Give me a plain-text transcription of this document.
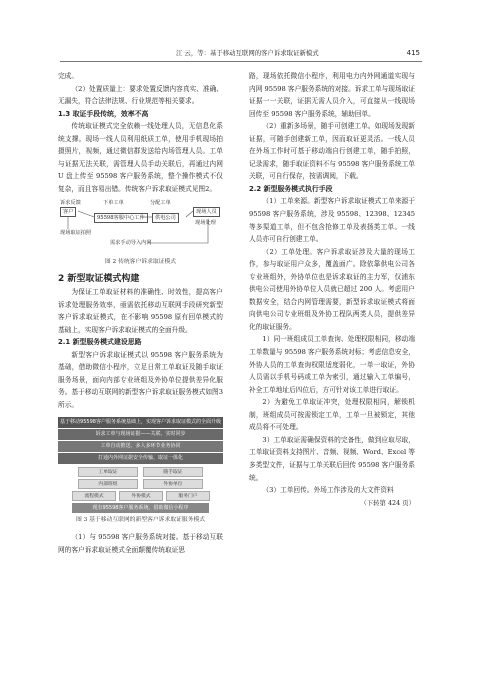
江 云，等：基于移动互联网的客户诉求取证新模式	415

完成。

（2）处置质量上：要求处置反馈内容真实、准确、无漏失，符合法律法规、行业规范等相关要求。

1.3 取证手段传统，效率不高

传统取证模式完全依赖一线处理人员，无信息化系统支撑。现场一线人员利用纸质工单，使用手机现场拍摄照片，视频，通过微信群发送给内场管理人员。工单与证据无法关联，需管理人员手动关联后，再通过内网 U 盘上传至 95598 客户服务系统，整个操作模式不仅复杂，而且容易出错。传统客户诉求取证模式见图2。

客户
诉求反馈	下单工单	分配工单
95598客服中心工作	供电公司
现场人员
现场处理
现场取证拍照
需求手动导入内网

图 2 传统客户诉求取证模式

2 新型取证模式构建

为保证工单取证材料的准确性、时效性，提高客户诉求处理服务效率，亟需依托移动互联网手段研究新型客户诉求取证模式，在不影响 95598 原有回单模式的基础上，实现客户诉求取证模式的全面升级。

2.1 新型服务模式建设思路

新型客户诉求取证模式以 95598 客户服务系统为基础，借助微信小程序，立足日常工单取证及随手取证服务场景，面向内部专业班组及外协单位提供差异化服务。基于移动互联网的新型客户诉求取证服务模式如图3所示。

基于移动95598客户服务系统基础上，实现客户诉求取证模式的全面升级
诉求工单与现场证据——关联、实时同步
工单自动推送、多人多环节业务协同
打通内外网证据安全传输、取证一体化
工单取证	随手取证
内部班组	外协单位
流程模式	外协模式	服务门户
现有95598客户服务系统，借助微信小程序

图 3 基于移动互联网的新型客户诉求取证服务模式

（1）与 95598 客户服务系统对接。基于移动互联网的客户诉求取证模式全面颠覆传统取证思

路，现场依托微信小程序，利用电力内外网通道实现与内网 95598 客户服务系统的对接。诉求工单与现场取证证据一一关联，证据无需人员介入，可直接从一线现场回传至 95598 客户服务系统，辅助回单。

（2）重新多场景，随手可创建工单。如现场发现新证据，可随手创建新工单，因而取证更灵活。一线人员在外场工作时可基于移动端自行创建工单，随手拍照，记录需求，随手取证资料不与 95598 客户服务系统工单关联，可自行保存，按需调阅，下载。

2.2 新型服务模式执行手段

（1）工单来源。新型客户诉求取证模式工单来源于 95598 客户服务系统，涉及 95598、12398、12345 等多渠道工单，但不包含抢修工单及表扬类工单。一线人员亦可自行创建工单。

（2）工单处理。客户诉求取证涉及大量的现场工作，参与取证用户众多，覆盖面广。除依靠供电公司各专业班组外，外协单位也是诉求取证的主力军，仅浦东供电公司使用外协单位人员就已超过 200 人。考虑用户数据安全，结合内网管理需要，新型诉求取证模式将面向供电公司专业班组及外协工程队两类人员，提供差异化的取证服务。

1）同一班组成员工单查询、处理权限相同，移动端工单数量与 95598 客户服务系统对标；考虑信息安全，外协人员的工单查询权限适度弱化，一单一取证，外协人员需以手机号码或工单为索引，通过输入工单编号，补全工单地址后四位后，方可针对该工单进行取证。

2）为避免工单取证冲突，处理权限相同，解锁机制，班组成员可按需锁定工单，工单一旦被锁定，其他成员将不可处理。

3）工单取证需确保资料的完备性，做到应取尽取，工单取证资料支持图片、音频、视频、Word、Excel 等多类型文件，证据与工单关联后回传 95598 客户服务系统。

（3）工单回传。外场工作涉及的大文件资料

（下转第 424 页）
